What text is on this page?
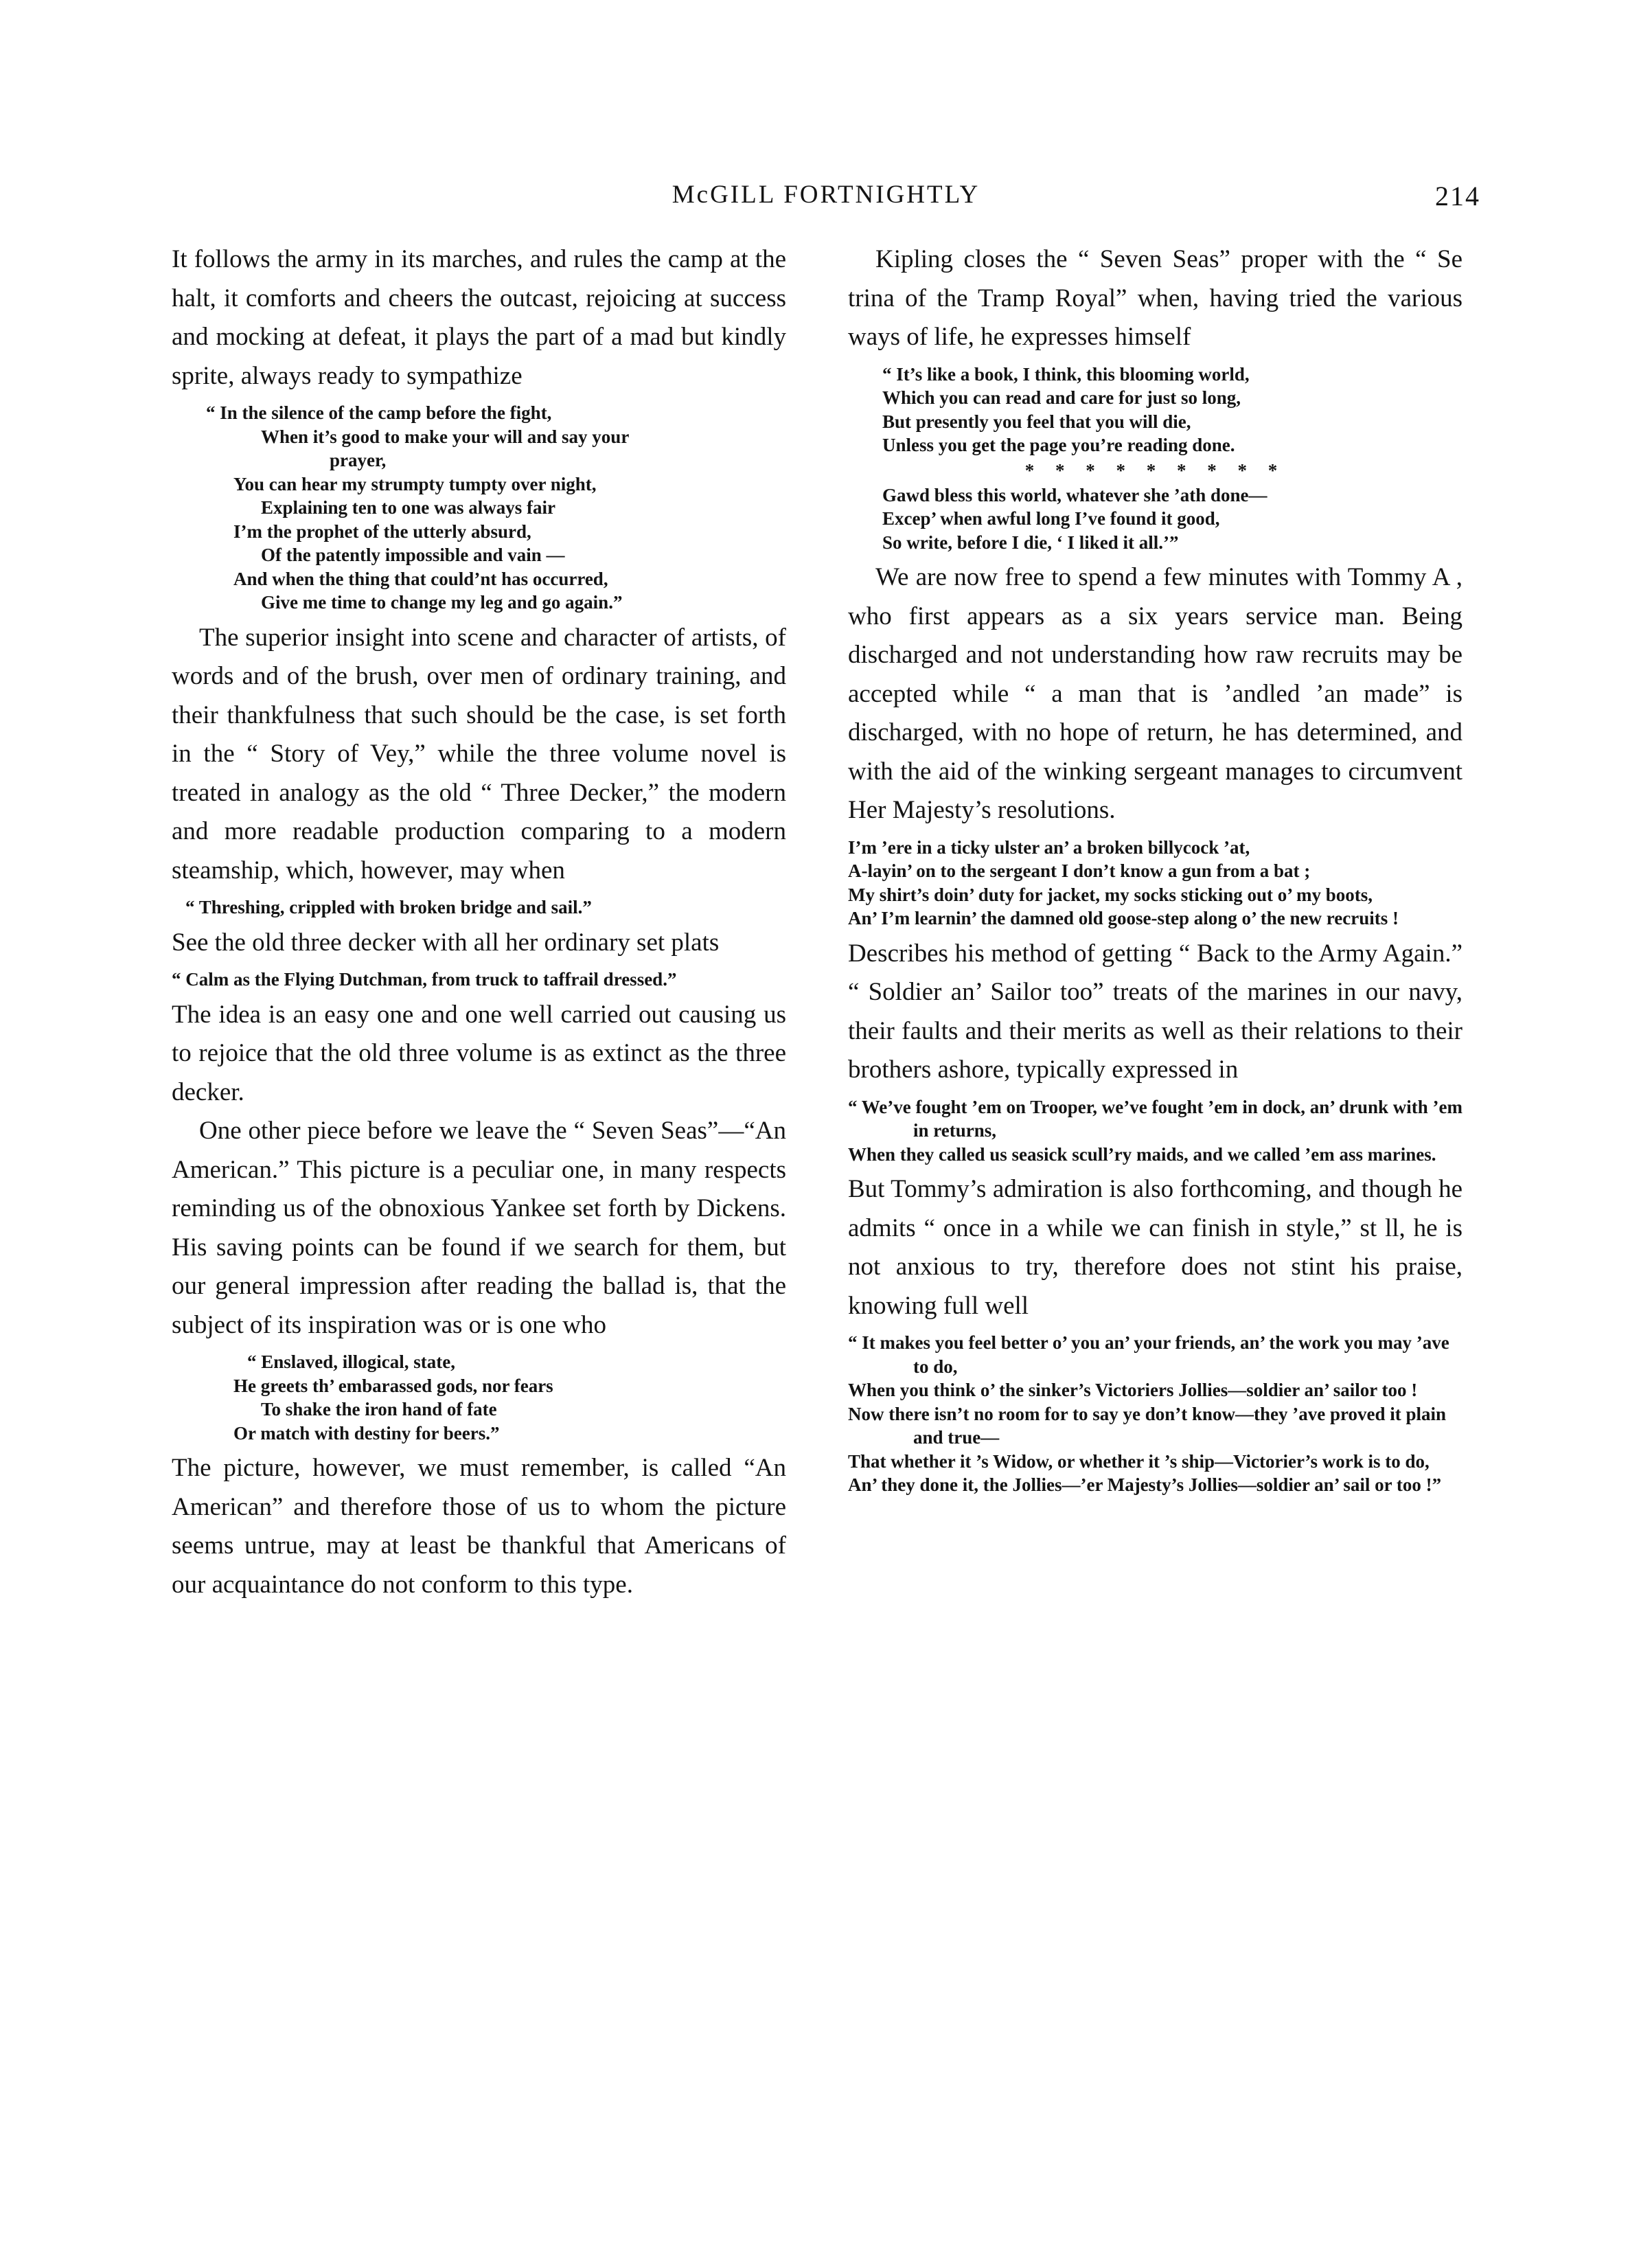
McGILL FORTNIGHTLY	214

It follows the army in its marches, and rules the camp at the halt, it comforts and cheers the outcast, rejoicing at success and mocking at defeat, it plays the part of a mad but kindly sprite, always ready to sympathize

“ In the silence of the camp before the fight,
When it’s good to make your will and say your
prayer,
You can hear my strumpty tumpty over night,
Explaining ten to one was always fair
I’m the prophet of the utterly absurd,
Of the patently impossible and vain —
And when the thing that could’nt has occurred,
Give me time to change my leg and go again.”

The superior insight into scene and character of artists, of words and of the brush, over men of ordinary training, and their thankfulness that such should be the case, is set forth in the “ Story of Vey,” while the three volume novel is treated in analogy as the old “ Three Decker,” the modern and more readable production comparing to a modern steamship, which, however, may when

“ Threshing, crippled with broken bridge and sail.”

See the old three decker with all her ordinary set plats

“ Calm as the Flying Dutchman, from truck to taffrail dressed.”

The idea is an easy one and one well carried out causing us to rejoice that the old three volume is as extinct as the three decker.

One other piece before we leave the “ Seven Seas”—“An American.” This picture is a peculiar one, in many respects reminding us of the obnoxious Yankee set forth by Dickens. His saving points can be found if we search for them, but our general impression after reading the ballad is, that the subject of its inspiration was or is one who

“ Enslaved, illogical, state,
He greets th’ embarassed gods, nor fears
To shake the iron hand of fate
Or match with destiny for beers.”

The picture, however, we must remember, is called “An American” and therefore those of us to whom the picture seems untrue, may at least be thankful that Americans of our acquaintance do not conform to this type.

Kipling closes the “ Seven Seas” proper with the “ Se trina of the Tramp Royal” when, having tried the various ways of life, he expresses himself

“ It’s like a book, I think, this blooming world,
Which you can read and care for just so long,
But presently you feel that you will die,
Unless you get the page you’re reading done.
* * * * * * * * *
Gawd bless this world, whatever she ’ath done—
Excep’ when awful long I’ve found it good,
So write, before I die, ‘ I liked it all.’”

We are now free to spend a few minutes with Tommy A , who first appears as a six years service man. Being discharged and not understanding how raw recruits may be accepted while “ a man that is ’andled ’an made” is discharged, with no hope of return, he has determined, and with the aid of the winking sergeant manages to circumvent Her Majesty’s resolutions.

I’m ’ere in a ticky ulster an’ a broken billycock ’at,
A-layin’ on to the sergeant I don’t know a gun from a bat ;
My shirt’s doin’ duty for jacket, my socks sticking out o’ my boots,
An’ I’m learnin’ the damned old goose-step along o’ the new recruits !

Describes his method of getting “ Back to the Army Again.” “ Soldier an’ Sailor too” treats of the marines in our navy, their faults and their merits as well as their relations to their brothers ashore, typically expressed in

“ We’ve fought ’em on Trooper, we’ve fought ’em in dock, an’ drunk with ’em in returns,
When they called us seasick scull’ry maids, and we called ’em ass marines.

But Tommy’s admiration is also forthcoming, and though he admits “ once in a while we can finish in style,” st ll, he is not anxious to try, therefore does not stint his praise, knowing full well

“ It makes you feel better o’ you an’ your friends, an’ the work you may ’ave to do,
When you think o’ the sinker’s Victoriers Jollies—soldier an’ sailor too !
Now there isn’t no room for to say ye don’t know—they ’ave proved it plain and true—
That whether it ’s Widow, or whether it ’s ship—Victorier’s work is to do,
An’ they done it, the Jollies—’er Majesty’s Jollies—soldier an’ sail or too !”
